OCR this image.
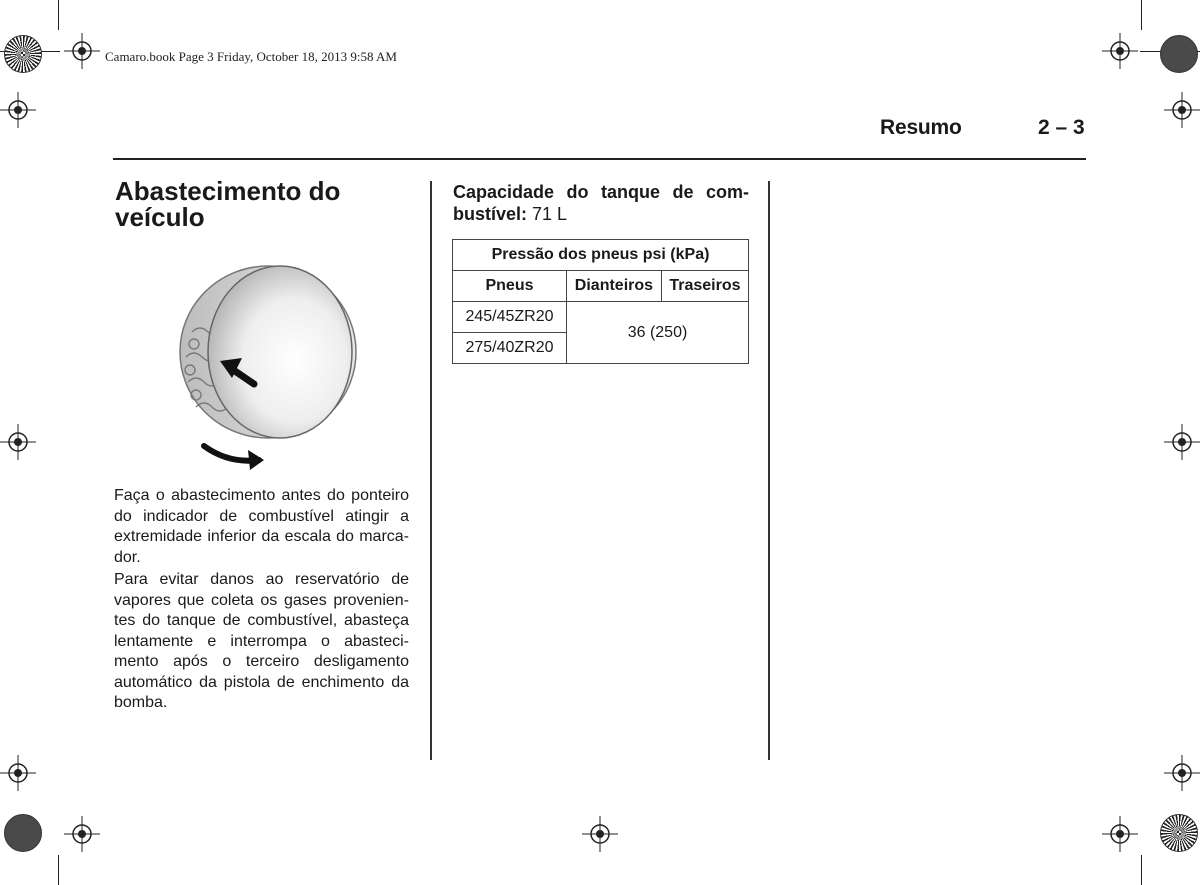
Camaro.book Page 3 Friday, October 18, 2013 9:58 AM
Resumo	2 – 3
Abastecimento do
veículo
Faça o abastecimento antes do ponteiro do indicador de combustível atingir a extremidade inferior da escala do marca-dor.
Para evitar danos ao reservatório de vapores que coleta os gases provenien-tes do tanque de combustível, abasteça lentamente e interrompa o abasteci-mento após o terceiro desligamento automático da pistola de enchimento da bomba.
Capacidade do tanque de com-bustível: 71 L
Pressão dos pneus psi (kPa)		
Pneus	Dianteiros	Traseiros
245/45ZR20	36 (250)	
275/40ZR20		
